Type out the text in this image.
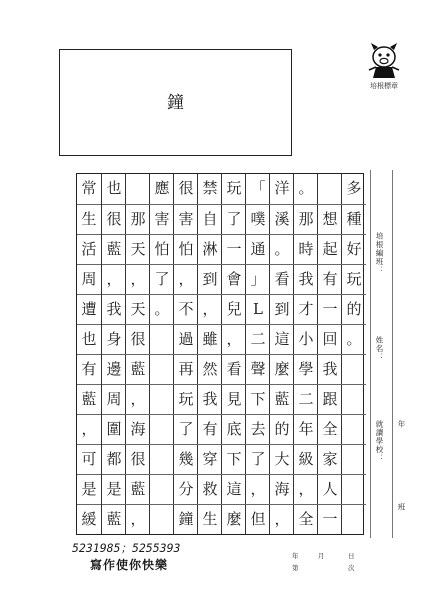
鐘
培根標章
多
種
好
玩
的
。
想
起
有
一
回
我
跟
全
家
人
一
。
那
時
我
才
小
學
二
年
級
，
全
洋
溪
。
看
到
這
麼
藍
的
大
海
，
「
噗
通
」
L
二
聲
下
去
了
，
但
玩
了
一
會
兒
，
看
見
底
下
這
麼
禁
自
淋
到
，
雖
然
我
有
穿
救
生
很
害
怕
，
不
過
再
玩
了
幾
分
鐘
應
害
怕
了
。
那
天
，
天
很
藍
，
海
很
藍
，
也
很
藍
，
我
身
邊
周
圍
都
是
藍
常
生
活
周
遭
也
有
藍
，
可
是
緩
培根編班：
姓名：
就讀學校： 年
班
5231985；5255393
寫作使你快樂
年	月	日
第	次
